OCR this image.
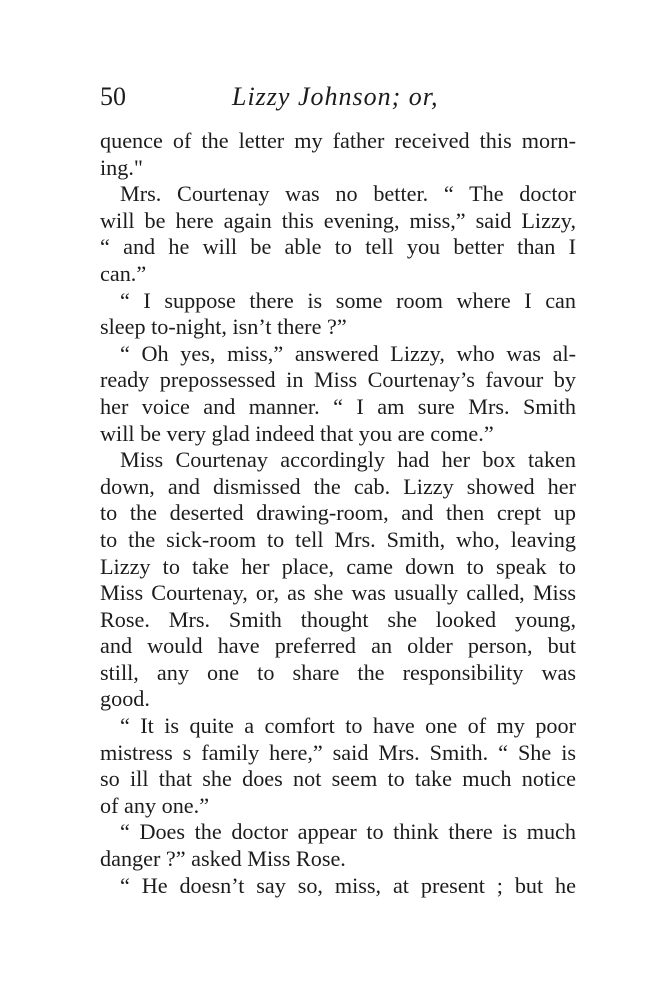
50	Lizzy Johnson; or,
quence of the letter my father received this morn-
ing."
Mrs. Courtenay was no better. “ The doctor
will be here again this evening, miss,” said Lizzy,
“ and he will be able to tell you better than I
can.”
“ I suppose there is some room where I can
sleep to-night, isn’t there ?”
“ Oh yes, miss,” answered Lizzy, who was al-
ready prepossessed in Miss Courtenay’s favour by
her voice and manner. “ I am sure Mrs. Smith
will be very glad indeed that you are come.”
Miss Courtenay accordingly had her box taken
down, and dismissed the cab. Lizzy showed her
to the deserted drawing-room, and then crept up
to the sick-room to tell Mrs. Smith, who, leaving
Lizzy to take her place, came down to speak to
Miss Courtenay, or, as she was usually called, Miss
Rose. Mrs. Smith thought she looked young,
and would have preferred an older person, but
still, any one to share the responsibility was
good.
“ It is quite a comfort to have one of my poor
mistress s family here,” said Mrs. Smith. “ She is
so ill that she does not seem to take much notice
of any one.”
“ Does the doctor appear to think there is much
danger ?” asked Miss Rose.
“ He doesn’t say so, miss, at present ; but he
